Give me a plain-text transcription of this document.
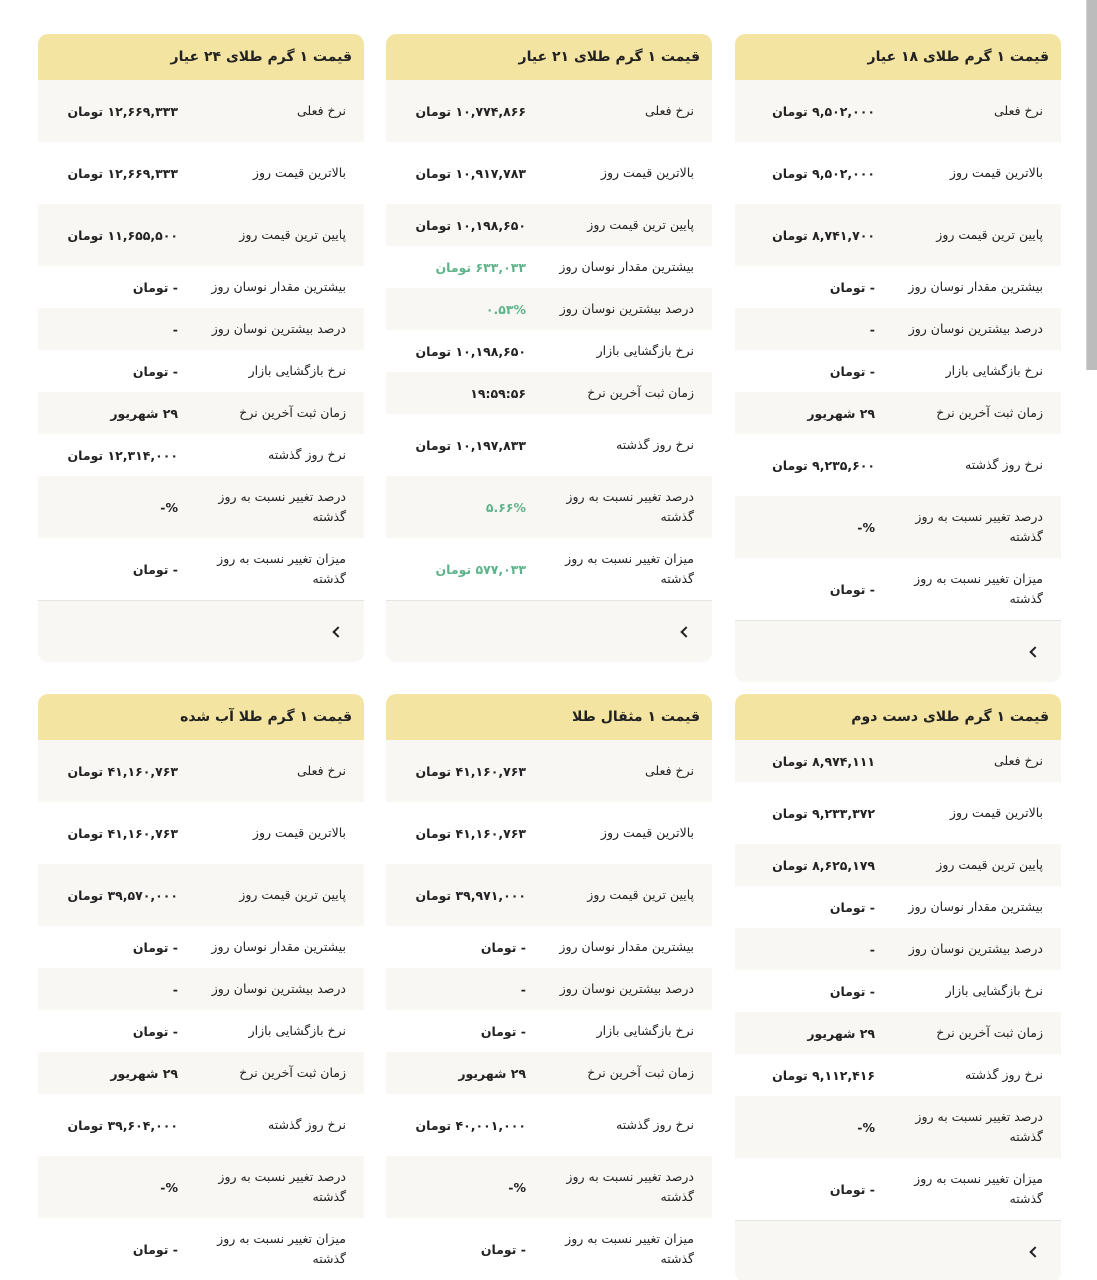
قیمت ۱ گرم طلای ۱۸ عیار
نرخ فعلی
۹,۵۰۲,۰۰۰ تومان
بالاترین قیمت روز
۹,۵۰۲,۰۰۰ تومان
پایین ترین قیمت روز
۸,۷۴۱,۷۰۰ تومان
بیشترین مقدار نوسان روز
- تومان
درصد بیشترین نوسان روز
-
نرخ بازگشایی بازار
- تومان
زمان ثبت آخرین نرخ
۲۹ شهریور
نرخ روز گذشته
۹,۲۳۵,۶۰۰ تومان
درصد تغییر نسبت به روز گذشته
%-
میزان تغییر نسبت به روز گذشته
- تومان
قیمت ۱ گرم طلای ۲۱ عیار
نرخ فعلی
۱۰,۷۷۴,۸۶۶ تومان
بالاترین قیمت روز
۱۰,۹۱۷,۷۸۳ تومان
پایین ترین قیمت روز
۱۰,۱۹۸,۶۵۰ تومان
بیشترین مقدار نوسان روز
۶۳۳,۰۳۳ تومان
درصد بیشترین نوسان روز
۰.۵۳%
نرخ بازگشایی بازار
۱۰,۱۹۸,۶۵۰ تومان
زمان ثبت آخرین نرخ
۱۹:۵۹:۵۶
نرخ روز گذشته
۱۰,۱۹۷,۸۳۳ تومان
درصد تغییر نسبت به روز گذشته
۵.۶۶%
میزان تغییر نسبت به روز گذشته
۵۷۷,۰۳۳ تومان
قیمت ۱ گرم طلای ۲۴ عیار
نرخ فعلی
۱۲,۶۶۹,۳۳۳ تومان
بالاترین قیمت روز
۱۲,۶۶۹,۳۳۳ تومان
پایین ترین قیمت روز
۱۱,۶۵۵,۵۰۰ تومان
بیشترین مقدار نوسان روز
- تومان
درصد بیشترین نوسان روز
-
نرخ بازگشایی بازار
- تومان
زمان ثبت آخرین نرخ
۲۹ شهریور
نرخ روز گذشته
۱۲,۳۱۴,۰۰۰ تومان
درصد تغییر نسبت به روز گذشته
%-
میزان تغییر نسبت به روز گذشته
- تومان
قیمت ۱ گرم طلای دست دوم
نرخ فعلی
۸,۹۷۴,۱۱۱ تومان
بالاترین قیمت روز
۹,۲۳۳,۳۷۲ تومان
پایین ترین قیمت روز
۸,۶۲۵,۱۷۹ تومان
بیشترین مقدار نوسان روز
- تومان
درصد بیشترین نوسان روز
-
نرخ بازگشایی بازار
- تومان
زمان ثبت آخرین نرخ
۲۹ شهریور
نرخ روز گذشته
۹,۱۱۲,۴۱۶ تومان
درصد تغییر نسبت به روز گذشته
%-
میزان تغییر نسبت به روز گذشته
- تومان
قیمت ۱ مثقال طلا
نرخ فعلی
۴۱,۱۶۰,۷۶۳ تومان
بالاترین قیمت روز
۴۱,۱۶۰,۷۶۳ تومان
پایین ترین قیمت روز
۳۹,۹۷۱,۰۰۰ تومان
بیشترین مقدار نوسان روز
- تومان
درصد بیشترین نوسان روز
-
نرخ بازگشایی بازار
- تومان
زمان ثبت آخرین نرخ
۲۹ شهریور
نرخ روز گذشته
۴۰,۰۰۱,۰۰۰ تومان
درصد تغییر نسبت به روز گذشته
%-
میزان تغییر نسبت به روز گذشته
- تومان
قیمت ۱ گرم طلا آب شده
نرخ فعلی
۴۱,۱۶۰,۷۶۳ تومان
بالاترین قیمت روز
۴۱,۱۶۰,۷۶۳ تومان
پایین ترین قیمت روز
۳۹,۵۷۰,۰۰۰ تومان
بیشترین مقدار نوسان روز
- تومان
درصد بیشترین نوسان روز
-
نرخ بازگشایی بازار
- تومان
زمان ثبت آخرین نرخ
۲۹ شهریور
نرخ روز گذشته
۳۹,۶۰۴,۰۰۰ تومان
درصد تغییر نسبت به روز گذشته
%-
میزان تغییر نسبت به روز گذشته
- تومان
